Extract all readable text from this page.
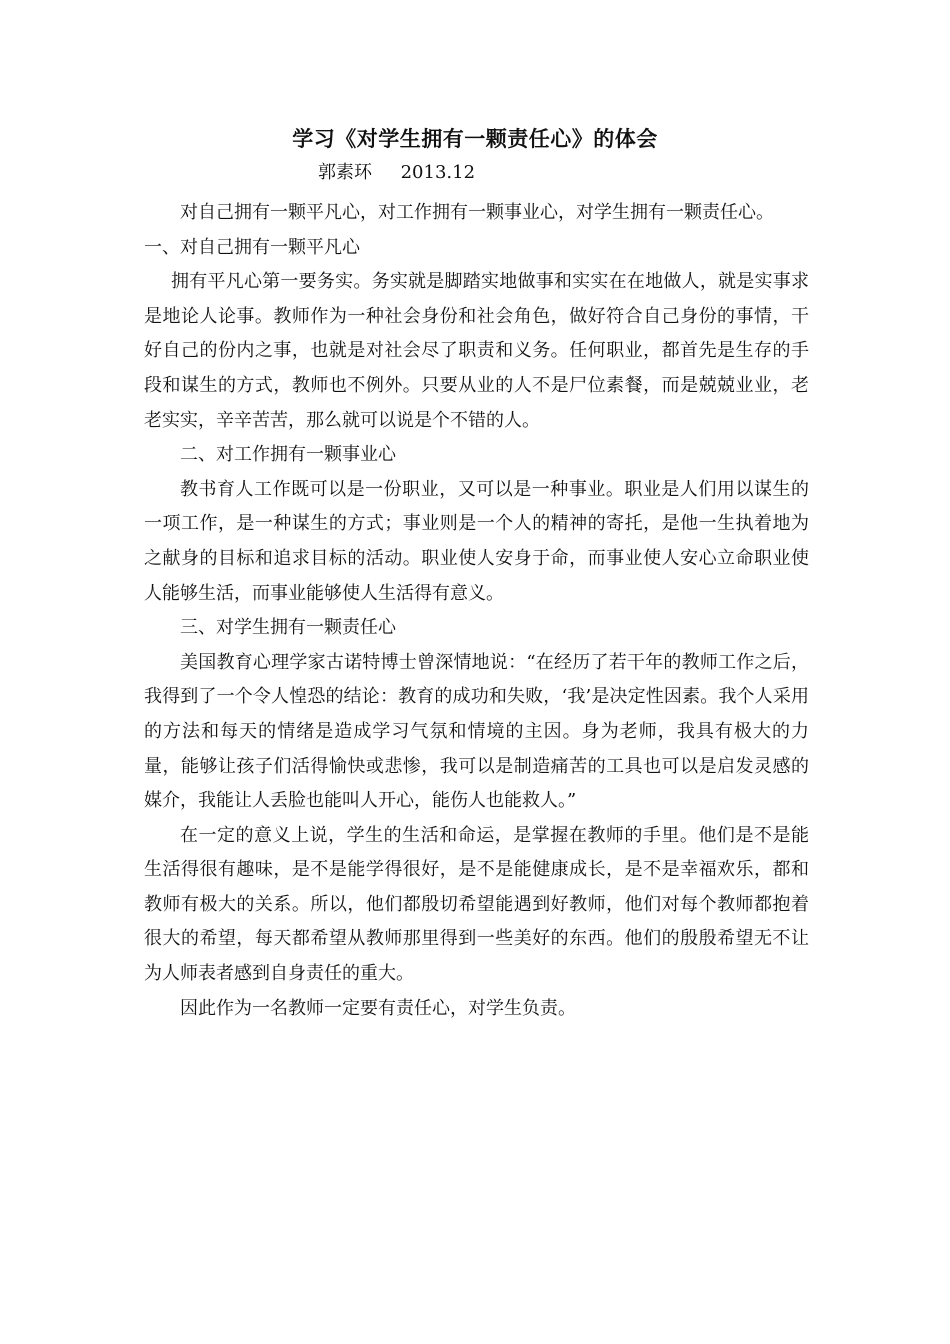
学习《对学生拥有一颗责任心》的体会
郭素环 2013.12

对自己拥有一颗平凡心，对工作拥有一颗事业心，对学生拥有一颗责任心。

一、对自己拥有一颗平凡心

拥有平凡心第一要务实。务实就是脚踏实地做事和实实在在地做人，就是实事求是地论人论事。教师作为一种社会身份和社会角色，做好符合自己身份的事情，干好自己的份内之事，也就是对社会尽了职责和义务。任何职业，都首先是生存的手段和谋生的方式，教师也不例外。只要从业的人不是尸位素餐，而是兢兢业业，老老实实，辛辛苦苦，那么就可以说是个不错的人。

二、对工作拥有一颗事业心

教书育人工作既可以是一份职业，又可以是一种事业。职业是人们用以谋生的一项工作，是一种谋生的方式；事业则是一个人的精神的寄托，是他一生执着地为之献身的目标和追求目标的活动。职业使人安身于命，而事业使人安心立命职业使人能够生活，而事业能够使人生活得有意义。

三、对学生拥有一颗责任心

美国教育心理学家古诺特博士曾深情地说：“在经历了若干年的教师工作之后，我得到了一个令人惶恐的结论：教育的成功和失败，‘我’是决定性因素。我个人采用的方法和每天的情绪是造成学习气氛和情境的主因。身为老师，我具有极大的力量，能够让孩子们活得愉快或悲惨，我可以是制造痛苦的工具也可以是启发灵感的媒介，我能让人丢脸也能叫人开心，能伤人也能救人。”

在一定的意义上说，学生的生活和命运，是掌握在教师的手里。他们是不是能生活得很有趣味，是不是能学得很好，是不是能健康成长，是不是幸福欢乐，都和教师有极大的关系。所以，他们都殷切希望能遇到好教师，他们对每个教师都抱着很大的希望，每天都希望从教师那里得到一些美好的东西。他们的殷殷希望无不让为人师表者感到自身责任的重大。

因此作为一名教师一定要有责任心，对学生负责。
